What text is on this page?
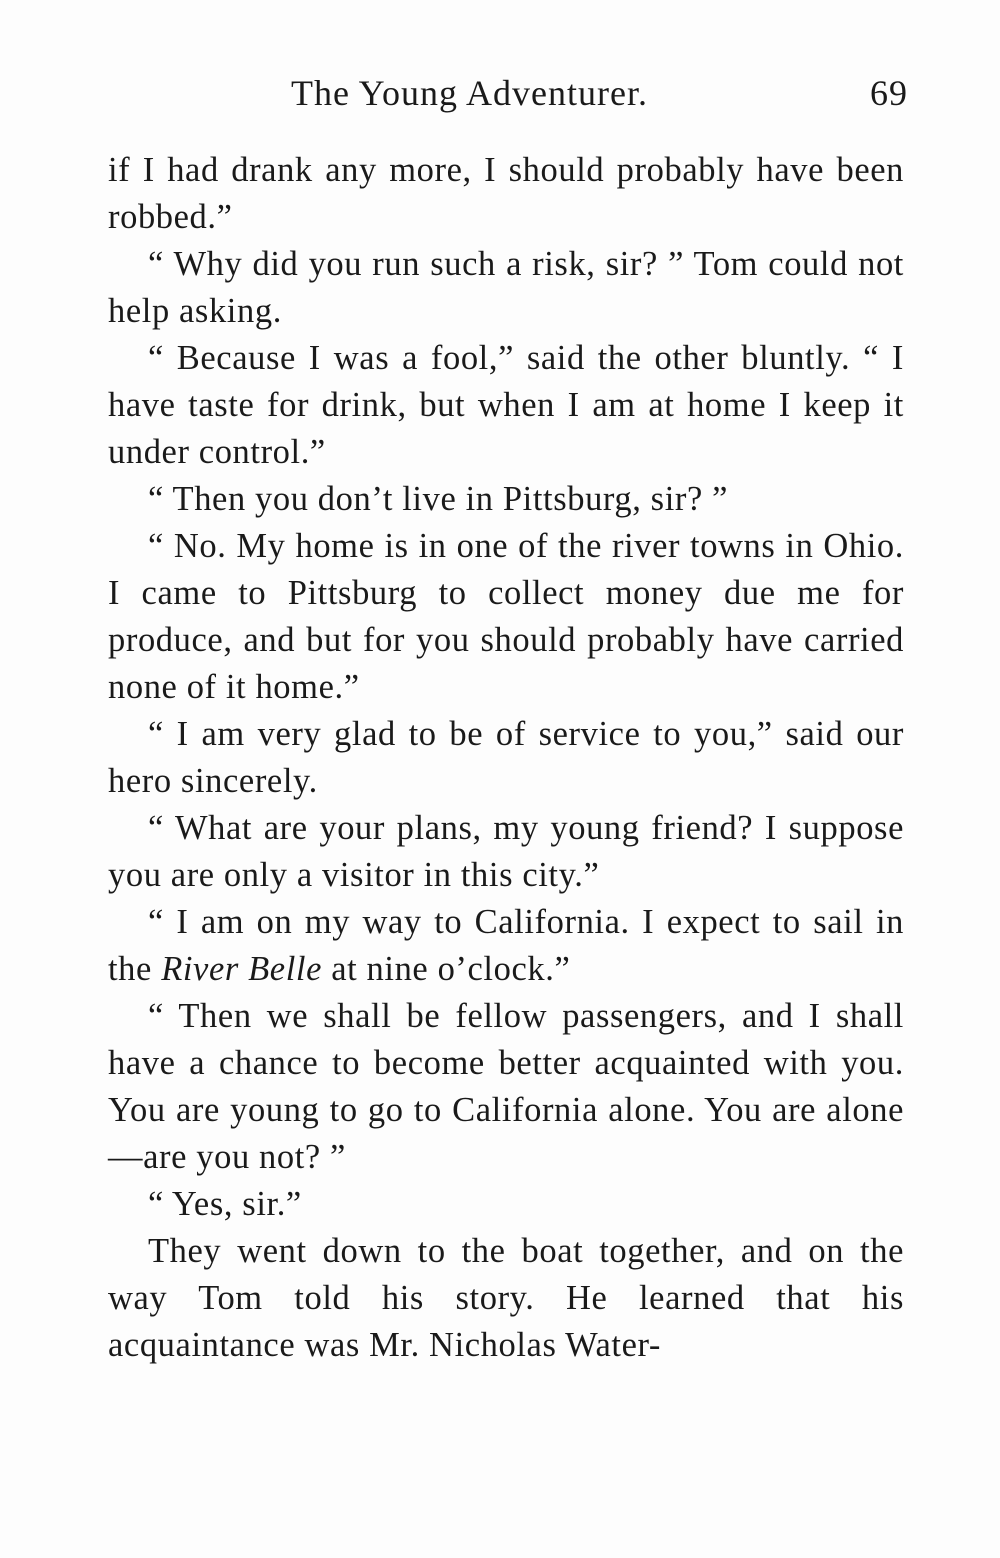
The Young Adventurer.	69

if I had drank any more, I should probably have been robbed.”

“ Why did you run such a risk, sir? ” Tom could not help asking.

“ Because I was a fool,” said the other bluntly. “ I have taste for drink, but when I am at home I keep it under control.”

“ Then you don’t live in Pittsburg, sir? ”

“ No. My home is in one of the river towns in Ohio. I came to Pittsburg to collect money due me for produce, and but for you should probably have carried none of it home.”

“ I am very glad to be of service to you,” said our hero sincerely.

“ What are your plans, my young friend? I suppose you are only a visitor in this city.”

“ I am on my way to California. I expect to sail in the River Belle at nine o’clock.”

“ Then we shall be fellow passengers, and I shall have a chance to become better acquainted with you. You are young to go to California alone. You are alone—are you not? ”

“ Yes, sir.”

They went down to the boat together, and on the way Tom told his story. He learned that his acquaintance was Mr. Nicholas Water-
